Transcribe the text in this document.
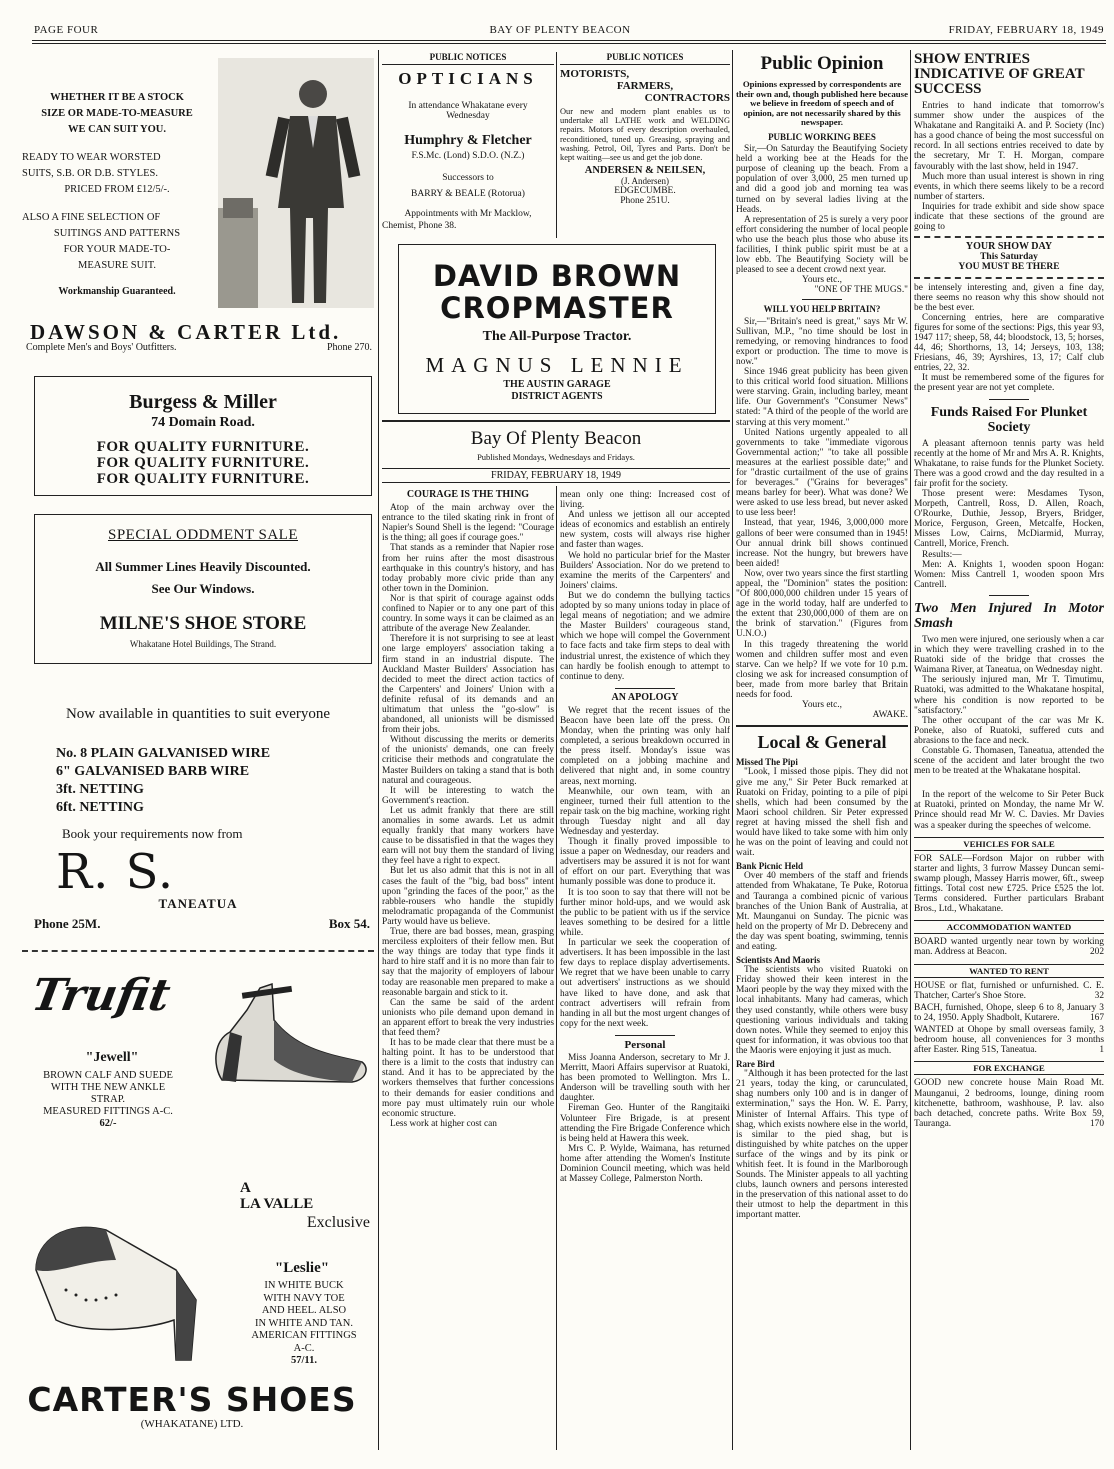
PAGE FOUR	BAY OF PLENTY BEACON	FRIDAY, FEBRUARY 18, 1949
WHETHER IT BE A STOCK
SIZE OR MADE-TO-MEASURE
WE CAN SUIT YOU.
READY TO WEAR WORSTED
SUITS, S.B. OR D.B. STYLES.
PRICED FROM £12/5/-.
ALSO A FINE SELECTION OF
SUITINGS AND PATTERNS
FOR YOUR MADE-TO-
MEASURE SUIT.
Workmanship Guaranteed.
DAWSON & CARTER Ltd.
Complete Men's and Boys' Outfitters.	Phone 270.
Burgess & Miller
74 Domain Road.
FOR QUALITY FURNITURE.
FOR QUALITY FURNITURE.
FOR QUALITY FURNITURE.
SPECIAL ODDMENT SALE
All Summer Lines Heavily Discounted.
See Our Windows.
MILNE'S SHOE STORE
Whakatane Hotel Buildings, The Strand.
Now available in quantities to suit everyone
No. 8 PLAIN GALVANISED WIRE
6" GALVANISED BARB WIRE
3ft. NETTING
6ft. NETTING
Book your requirements now from
R. S.
TANEATUA
Phone 25M.	Box 54.
Trufit
"Jewell"
BROWN CALF AND SUEDE
WITH THE NEW ANKLE
STRAP.
MEASURED FITTINGS A-C.
62/-
A
LA VALLE
Exclusive
"Leslie"
IN WHITE BUCK
WITH NAVY TOE
AND HEEL. ALSO
IN WHITE AND TAN.
AMERICAN FITTINGS
A-C.
57/11.
CARTER'S SHOES
(WHAKATANE) LTD.
PUBLIC NOTICES
OPTICIANS
In attendance Whakatane every
Wednesday
Humphry & Fletcher
F.S.Mc. (Lond) S.D.O. (N.Z.)
Successors to
BARRY & BEALE (Rotorua)
Appointments with Mr Macklow,
Chemist, Phone 38.
PUBLIC NOTICES
MOTORISTS,
FARMERS,
CONTRACTORS
Our new and modern plant enables us to undertake all LATHE work and WELDING repairs. Motors of every description overhauled, reconditioned, tuned up. Greasing, spraying and washing. Petrol, Oil, Tyres and Parts. Don't be kept waiting—see us and get the job done.
ANDERSEN & NEILSEN,
(J. Andersen)
EDGECUMBE.
Phone 251U.
DAVID BROWN
CROPMASTER
The All-Purpose Tractor.
MAGNUS LENNIE
THE AUSTIN GARAGE
DISTRICT AGENTS
Bay Of Plenty Beacon
Published Mondays, Wednesdays and Fridays.
FRIDAY, FEBRUARY 18, 1949
COURAGE IS THE THING

Atop of the main archway over the entrance to the tiled skating rink in front of Napier's Sound Shell is the legend: "Courage is the thing; all goes if courage goes."

That stands as a reminder that Napier rose from her ruins after the most disastrous earthquake in this country's history, and has today probably more civic pride than any other town in the Dominion.

Nor is that spirit of courage against odds confined to Napier or to any one part of this country. In some ways it can be claimed as an attribute of the average New Zealander.

Therefore it is not surprising to see at least one large employers' association taking a firm stand in an industrial dispute. The Auckland Master Builders' Association has decided to meet the direct action tactics of the Carpenters' and Joiners' Union with a definite refusal of its demands and an ultimatum that unless the "go-slow" is abandoned, all unionists will be dismissed from their jobs.

Without discussing the merits or demerits of the unionists' demands, one can freely criticise their methods and congratulate the Master Builders on taking a stand that is both natural and courageous.

It will be interesting to watch the Government's reaction.

Let us admit frankly that there are still anomalies in some awards. Let us admit equally frankly that many workers have cause to be dissatisfied in that the wages they earn will not buy them the standard of living they feel have a right to expect.

But let us also admit that this is not in all cases the fault of the "big, bad boss" intent upon "grinding the faces of the poor," as the rabble-rousers who handle the stupidly melodramatic propaganda of the Communist Party would have us believe.

True, there are bad bosses, mean, grasping merciless exploiters of their fellow men. But the way things are today that type finds it hard to hire staff and it is no more than fair to say that the majority of employers of labour today are reasonable men prepared to make a reasonable bargain and stick to it.

Can the same be said of the ardent unionists who pile demand upon demand in an apparent effort to break the very industries that feed them?

It has to be made clear that there must be a halting point. It has to be understood that there is a limit to the costs that industry can stand. And it has to be appreciated by the workers themselves that further concessions to their demands for easier conditions and more pay must ultimately ruin our whole economic structure.

Less work at higher cost can

mean only one thing: Increased cost of living.

And unless we jettison all our accepted ideas of economics and establish an entirely new system, costs will always rise higher and faster than wages.

We hold no particular brief for the Master Builders' Association. Nor do we pretend to examine the merits of the Carpenters' and Joiners' claims.

But we do condemn the bullying tactics adopted by so many unions today in place of legal means of negotiation; and we admire the Master Builders' courageous stand, which we hope will compel the Government to face facts and take firm steps to deal with industrial unrest, the existence of which they can hardly be foolish enough to attempt to continue to deny.

AN APOLOGY

We regret that the recent issues of the Beacon have been late off the press. On Monday, when the printing was only half completed, a serious breakdown occurred in the press itself. Monday's issue was completed on a jobbing machine and delivered that night and, in some country areas, next morning.

Meanwhile, our own team, with an engineer, turned their full attention to the repair task on the big machine, working right through Tuesday night and all day Wednesday and yesterday.

Though it finally proved impossible to issue a paper on Wednesday, our readers and advertisers may be assured it is not for want of effort on our part. Everything that was humanly possible was done to produce it.

It is too soon to say that there will not be further minor hold-ups, and we would ask the public to be patient with us if the service leaves something to be desired for a little while.

In particular we seek the cooperation of advertisers. It has been impossible in the last few days to replace display advertisements. We regret that we have been unable to carry out advertisers' instructions as we should have liked to have done, and ask that contract advertisers will refrain from handing in all but the most urgent changes of copy for the next week.

Personal

Miss Joanna Anderson, secretary to Mr J. Merritt, Maori Affairs supervisor at Ruatoki, has been promoted to Wellington. Mrs L. Anderson will be travelling south with her daughter.

Fireman Geo. Hunter of the Rangitaiki Volunteer Fire Brigade, is at present attending the Fire Brigade Conference which is being held at Hawera this week.

Mrs C. P. Wylde, Waimana, has returned home after attending the Women's Institute Dominion Council meeting, which was held at Massey College, Palmerston North.

Public Opinion
Opinions expressed by correspondents are their own and, though published here because we believe in freedom of speech and of opinion, are not necessarily shared by this newspaper.
PUBLIC WORKING BEES

Sir,—On Saturday the Beautifying Society held a working bee at the Heads for the purpose of cleaning up the beach. From a population of over 3,000, 25 men turned up and did a good job and morning tea was turned on by several ladies living at the Heads.

A representation of 25 is surely a very poor effort considering the number of local people who use the beach plus those who abuse its facilities, I think public spirit must be at a low ebb. The Beautifying Society will be pleased to see a decent crowd next year.

Yours etc.,
"ONE OF THE MUGS."
WILL YOU HELP BRITAIN?

Sir,—"Britain's need is great," says Mr W. Sullivan, M.P., "no time should be lost in remedying, or removing hindrances to food export or production. The time to move is now."

Since 1946 great publicity has been given to this critical world food situation. Millions were starving. Grain, including barley, meant life. Our Government's "Consumer News" stated: "A third of the people of the world are starving at this very moment."

United Nations urgently appealed to all governments to take "immediate vigorous Governmental action;" "to take all possible measures at the earliest possible date;" and for "drastic curtailment of the use of grains for beverages." ("Grains for beverages" means barley for beer). What was done? We were asked to use less bread, but never asked to use less beer!

Instead, that year, 1946, 3,000,000 more gallons of beer were consumed than in 1945! Our annual drink bill shows continued increase. Not the hungry, but brewers have been aided!

Now, over two years since the first startling appeal, the "Dominion" states the position: "Of 800,000,000 children under 15 years of age in the world today, half are underfed to the extent that 230,000,000 of them are on the brink of starvation." (Figures from U.N.O.)

In this tragedy threatening the world women and children suffer most and even starve. Can we help? If we vote for 10 p.m. closing we ask for increased consumption of beer, made from more barley that Britain needs for food.

Yours etc.,
AWAKE.
Local & General
Missed The Pipi

"Look, I missed those pipis. They did not give me any," Sir Peter Buck remarked at Ruatoki on Friday, pointing to a pile of pipi shells, which had been consumed by the Maori school children. Sir Peter expressed regret at having missed the shell fish and would have liked to take some with him only he was on the point of leaving and could not wait.

Bank Picnic Held

Over 40 members of the staff and friends attended from Whakatane, Te Puke, Rotorua and Tauranga a combined picnic of various branches of the Union Bank of Australia, at Mt. Maunganui on Sunday. The picnic was held on the property of Mr D. Debreceny and the day was spent boating, swimming, tennis and eating.

Scientists And Maoris

The scientists who visited Ruatoki on Friday showed their keen interest in the Maori people by the way they mixed with the local inhabitants. Many had cameras, which they used constantly, while others were busy questioning various individuals and taking down notes. While they seemed to enjoy this quest for information, it was obvious too that the Maoris were enjoying it just as much.

Rare Bird

"Although it has been protected for the last 21 years, today the king, or carunculated, shag numbers only 100 and is in danger of extermination," says the Hon. W. E. Parry, Minister of Internal Affairs. This type of shag, which exists nowhere else in the world, is similar to the pied shag, but is distinguished by white patches on the upper surface of the wings and by its pink or whitish feet. It is found in the Marlborough Sounds. The Minister appeals to all yachting clubs, launch owners and persons interested in the preservation of this national asset to do their utmost to help the department in this important matter.

SHOW ENTRIES INDICATIVE OF GREAT SUCCESS

Entries to hand indicate that tomorrow's summer show under the auspices of the Whakatane and Rangitaiki A. and P. Society (Inc) has a good chance of being the most successful on record. In all sections entries received to date by the secretary, Mr T. H. Morgan, compare favourably with the last show, held in 1947.

Much more than usual interest is shown in ring events, in which there seems likely to be a record number of starters.

Inquiries for trade exhibit and side show space indicate that these sections of the ground are going to

YOUR SHOW DAY
This Saturday
YOU MUST BE THERE

be intensely interesting and, given a fine day, there seems no reason why this show should not be the best ever.

Concerning entries, here are comparative figures for some of the sections: Pigs, this year 93, 1947 117; sheep, 58, 44; bloodstock, 13, 5; horses, 44, 46; Shorthorns, 13, 14; Jerseys, 103, 138; Friesians, 46, 39; Ayrshires, 13, 17; Calf club entries, 22, 32.

It must be remembered some of the figures for the present year are not yet complete.

Funds Raised For Plunket Society

A pleasant afternoon tennis party was held recently at the home of Mr and Mrs A. R. Knights, Whakatane, to raise funds for the Plunket Society. There was a good crowd and the day resulted in a fair profit for the society.

Those present were: Mesdames Tyson, Morpeth, Cantrell, Ross, D. Allen, Roach, O'Rourke, Duthie, Jessop, Bryers, Bridger, Morice, Ferguson, Green, Metcalfe, Hocken, Misses Low, Cairns, McDiarmid, Murray, Cantrell, Morice, French.

Results:—

Men: A. Knights 1, wooden spoon Hogan: Women: Miss Cantrell 1, wooden spoon Mrs Cantrell.

Two Men Injured In Motor Smash

Two men were injured, one seriously when a car in which they were travelling crashed in to the Ruatoki side of the bridge that crosses the Waimana River, at Taneatua, on Wednesday night.

The seriously injured man, Mr T. Timutimu, Ruatoki, was admitted to the Whakatane hospital, where his condition is now reported to be "satisfactory."

The other occupant of the car was Mr K. Poneke, also of Ruatoki, suffered cuts and abrasions to the face and neck.

Constable G. Thomasen, Taneatua, attended the scene of the accident and later brought the two men to be treated at the Whakatane hospital.

In the report of the welcome to Sir Peter Buck at Ruatoki, printed on Monday, the name Mr W. Prince should read Mr W. C. Davies. Mr Davies was a speaker during the speeches of welcome.

VEHICLES FOR SALE
FOR SALE—Fordson Major on rubber with starter and lights, 3 furrow Massey Duncan semi-swamp plough, Massey Harris mower, 6ft., sweep fittings. Total cost new £725. Price £525 the lot. Terms considered. Further particulars Brabant Bros., Ltd., Whakatane.
ACCOMMODATION WANTED
BOARD wanted urgently near town by working man. Address at Beacon.	202
WANTED TO RENT
HOUSE or flat, furnished or unfurnished. C. E. Thatcher, Carter's Shoe Store.	32
BACH, furnished, Ohope, sleep 6 to 8, January 3 to 24, 1950. Apply Shadbolt, Kutarere.	167
WANTED at Ohope by small overseas family, 3 bedroom house, all conveniences for 3 months after Easter. Ring 51S, Taneatua.	1
FOR EXCHANGE
GOOD new concrete house Main Road Mt. Maunganui, 2 bedrooms, lounge, dining room kitchenette, bathroom, washhouse, P. lav. also bach detached, concrete paths. Write Box 59, Tauranga.	170
